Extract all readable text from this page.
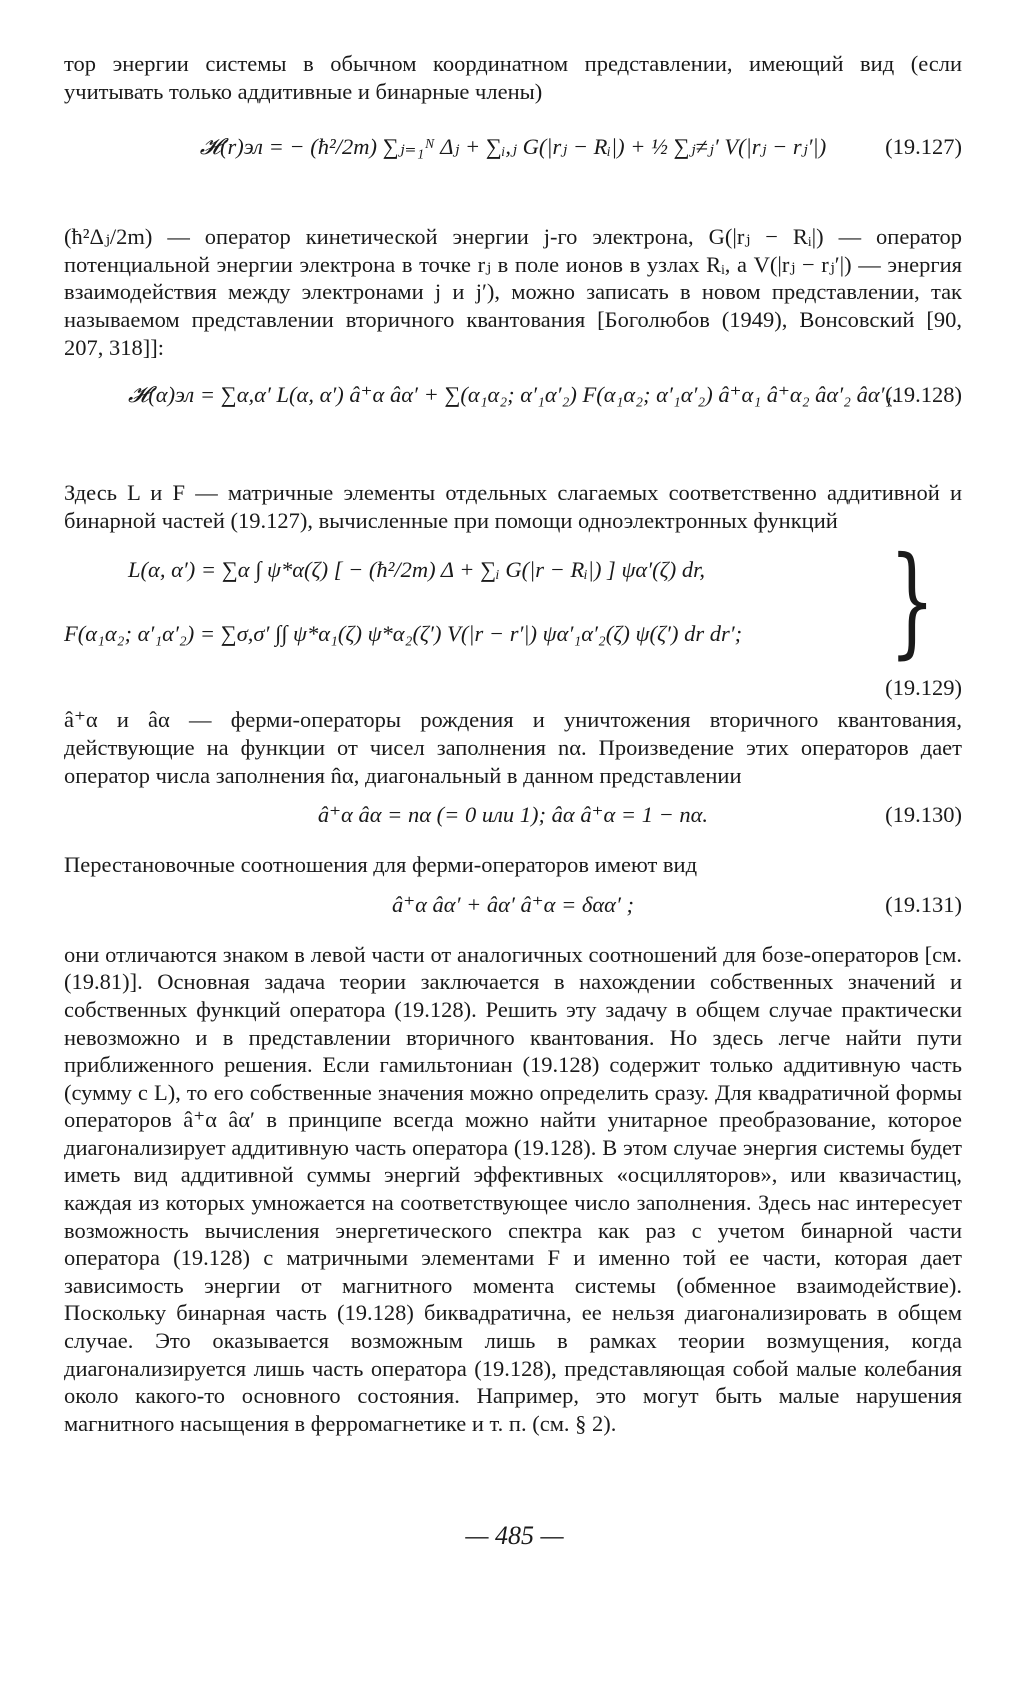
тор энергии системы в обычном координатном представлении, имеющий вид (если учитывать только аддитивные и бинарные члены)

𝓗(r)эл = − (ħ²/2m) ∑ⱼ₌₁ᴺ Δⱼ + ∑ᵢ,ⱼ G(|rⱼ − Rᵢ|) + ½ ∑ⱼ≠ⱼ′ V(|rⱼ − rⱼ′|)	(19.127)

(ħ²Δⱼ/2m) — оператор кинетической энергии j-го электрона, G(|rⱼ − Rᵢ|) — оператор потенциальной энергии электрона в точке rⱼ в поле ионов в узлах Rᵢ, а V(|rⱼ − rⱼ′|) — энергия взаимодействия между электронами j и j′), можно записать в новом представлении, так называемом представлении вторичного квантования [Боголюбов (1949), Вонсовский [90, 207, 318]]:

𝓗(α)эл = ∑α,α′ L(α, α′) â⁺α âα′ + ∑(α₁α₂; α′₁α′₂) F(α₁α₂; α′₁α′₂) â⁺α₁ â⁺α₂ âα′₂ âα′₁.
(19.128)

Здесь L и F — матричные элементы отдельных слагаемых соответственно аддитивной и бинарной частей (19.127), вычисленные при помощи одноэлектронных функций

L(α, α′) = ∑α ∫ ψ*α(ζ) [ − (ħ²/2m) Δ + ∑ᵢ G(|r − Rᵢ|) ] ψα′(ζ) dr,
F(α₁α₂; α′₁α′₂) = ∑σ,σ′ ∫∫ ψ*α₁(ζ) ψ*α₂(ζ′) V(|r − r′|) ψα′₁α′₂(ζ) ψ(ζ′) dr dr′; }
(19.129)

â⁺α и âα — ферми-операторы рождения и уничтожения вторичного квантования, действующие на функции от чисел заполнения nα. Произведение этих операторов дает оператор числа заполнения n̂α, диагональный в данном представлении

â⁺α âα = nα (= 0 или 1); âα â⁺α = 1 − nα.	(19.130)

Перестановочные соотношения для ферми-операторов имеют вид

â⁺α âα′ + âα′ â⁺α = δαα′ ;	(19.131)

они отличаются знаком в левой части от аналогичных соотношений для бозе-операторов [см. (19.81)]. Основная задача теории заключается в нахождении собственных значений и собственных функций оператора (19.128). Решить эту задачу в общем случае практически невозможно и в представлении вторичного квантования. Но здесь легче найти пути приближенного решения. Если гамильтониан (19.128) содержит только аддитивную часть (сумму с L), то его собственные значения можно определить сразу. Для квадратичной формы операторов â⁺α âα′ в принципе всегда можно найти унитарное преобразование, которое диагонализирует аддитивную часть оператора (19.128). В этом случае энергия системы будет иметь вид аддитивной суммы энергий эффективных «осцилляторов», или квазичастиц, каждая из которых умножается на соответствующее число заполнения. Здесь нас интересует возможность вычисления энергетического спектра как раз с учетом бинарной части оператора (19.128) с матричными элементами F и именно той ее части, которая дает зависимость энергии от магнитного момента системы (обменное взаимодействие). Поскольку бинарная часть (19.128) биквадратична, ее нельзя диагонализировать в общем случае. Это оказывается возможным лишь в рамках теории возмущения, когда диагонализируется лишь часть оператора (19.128), представляющая собой малые колебания около какого-то основного состояния. Например, это могут быть малые нарушения магнитного насыщения в ферромагнетике и т. п. (см. § 2).

— 485 —
